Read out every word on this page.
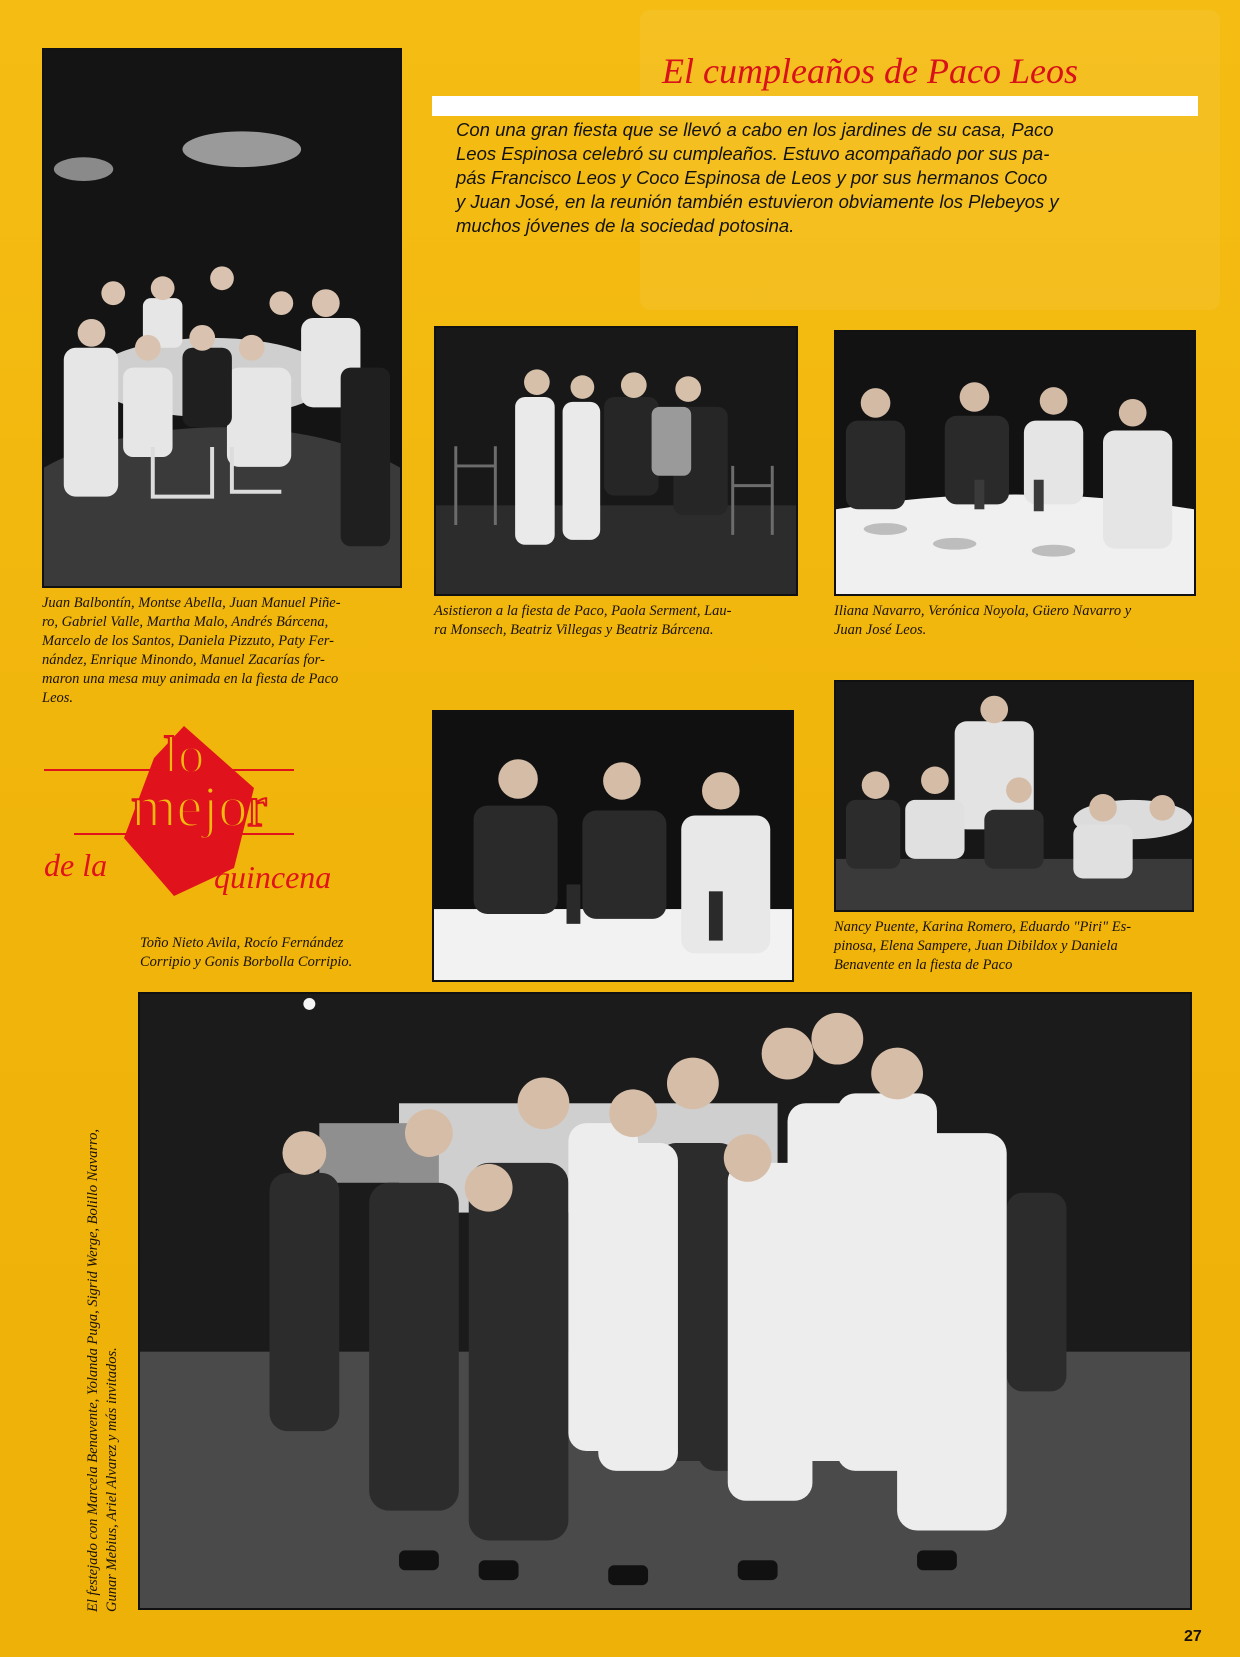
Juan Balbontín, Montse Abella, Juan Manuel Piñe-
ro, Gabriel Valle, Martha Malo, Andrés Bárcena,
Marcelo de los Santos, Daniela Pizzuto, Paty Fer-
nández, Enrique Minondo, Manuel Zacarías for-
maron una mesa muy animada en la fiesta de Paco
Leos.
El cumpleaños de Paco Leos
Con una gran fiesta que se llevó a cabo en los jardines de su casa, Paco
Leos Espinosa celebró su cumpleaños. Estuvo acompañado por sus pa-
pás Francisco Leos y Coco Espinosa de Leos y por sus hermanos Coco
y Juan José, en la reunión también estuvieron obviamente los Plebeyos y
muchos jóvenes de la sociedad potosina.
Asistieron a la fiesta de Paco, Paola Serment, Lau-
ra Monsech, Beatriz Villegas y Beatriz Bárcena.
Iliana Navarro, Verónica Noyola, Güero Navarro y
Juan José Leos.
lo
mejor
de la	quincena
Toño Nieto Avila, Rocío Fernández
Corripio y Gonis Borbolla Corripio.
Nancy Puente, Karina Romero, Eduardo "Piri" Es-
pinosa, Elena Sampere, Juan Dibildox y Daniela
Benavente en la fiesta de Paco
El festejado con Marcela Benavente, Yolanda Puga, Sigrid Werge, Bolillo Navarro, Gunar Mebius, Ariel Alvarez y más invitados.
27
